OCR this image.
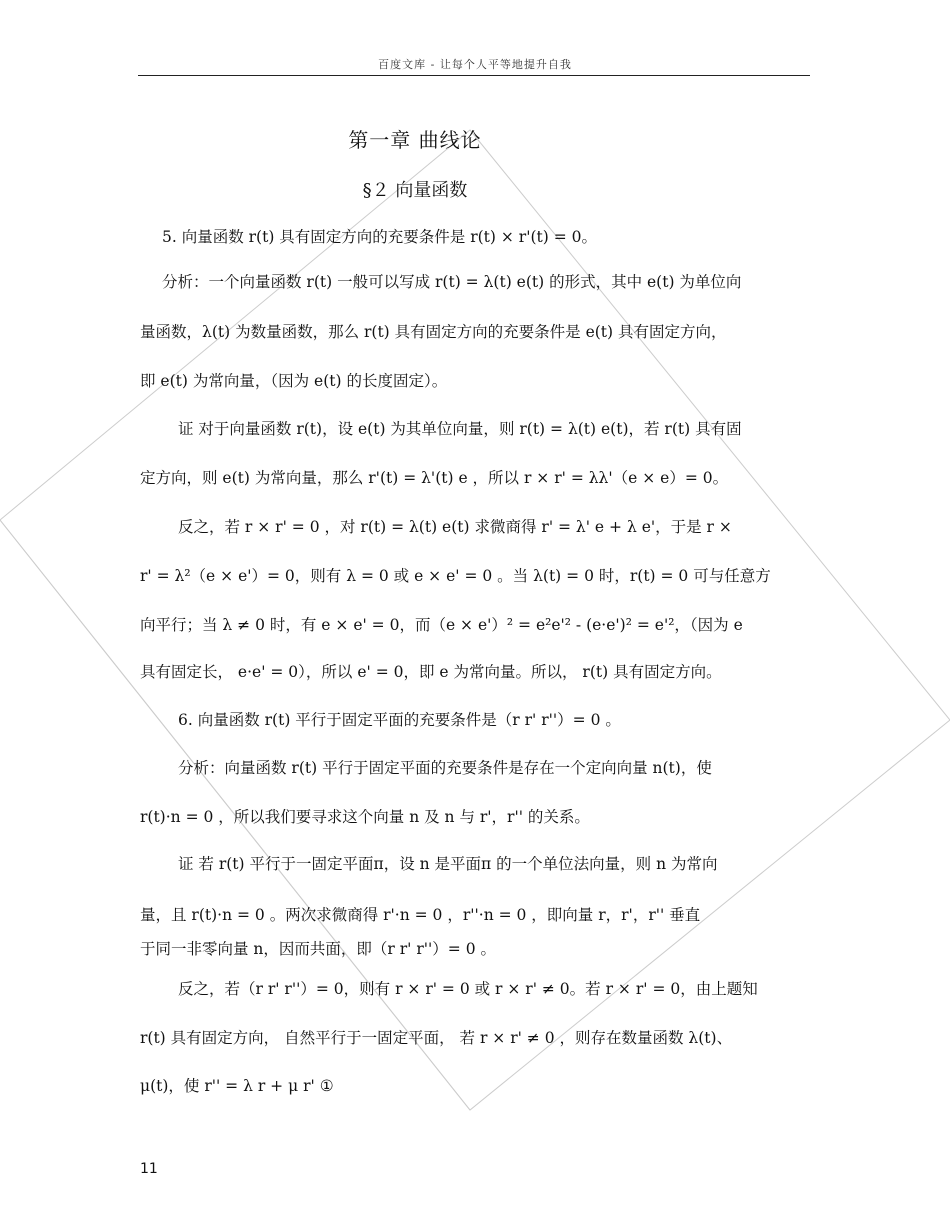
百度文库 - 让每个人平等地提升自我
第一章 曲线论
§２ 向量函数
5. 向量函数 r(t) 具有固定方向的充要条件是 r(t) × r'(t) = 0。
分析：一个向量函数 r(t) 一般可以写成 r(t) = λ(t) e(t) 的形式，其中 e(t) 为单位向
量函数，λ(t) 为数量函数，那么 r(t) 具有固定方向的充要条件是 e(t) 具有固定方向，
即 e(t) 为常向量，（因为 e(t) 的长度固定）。
证 对于向量函数 r(t)，设 e(t) 为其单位向量，则 r(t) = λ(t) e(t)，若 r(t) 具有固
定方向，则 e(t) 为常向量，那么 r'(t) = λ'(t) e ，所以 r × r' = λλ'（e × e）= 0。
反之，若 r × r' = 0 ，对 r(t) = λ(t) e(t) 求微商得 r' = λ' e + λ e'，于是 r ×
r' = λ²（e × e'）= 0，则有 λ = 0 或 e × e' = 0 。当 λ(t) = 0 时，r(t) = 0 可与任意方
向平行；当 λ ≠ 0 时，有 e × e' = 0，而（e × e'）² = e²e'² - (e·e')² = e'²，（因为 e
具有固定长， e·e' = 0），所以 e' = 0，即 e 为常向量。所以， r(t) 具有固定方向。
6. 向量函数 r(t) 平行于固定平面的充要条件是（r r' r''）= 0 。
分析：向量函数 r(t) 平行于固定平面的充要条件是存在一个定向向量 n(t)，使
r(t)·n = 0 ，所以我们要寻求这个向量 n 及 n 与 r'，r'' 的关系。
证 若 r(t) 平行于一固定平面π，设 n 是平面π 的一个单位法向量，则 n 为常向
量，且 r(t)·n = 0 。两次求微商得 r'·n = 0 ，r''·n = 0 ，即向量 r，r'，r'' 垂直
于同一非零向量 n，因而共面，即（r r' r''）= 0 。
反之，若（r r' r''）= 0，则有 r × r' = 0 或 r × r' ≠ 0。若 r × r' = 0，由上题知
r(t) 具有固定方向， 自然平行于一固定平面， 若 r × r' ≠ 0 ，则存在数量函数 λ(t)、
μ(t)，使 r'' = λ r + μ r' ①
11
